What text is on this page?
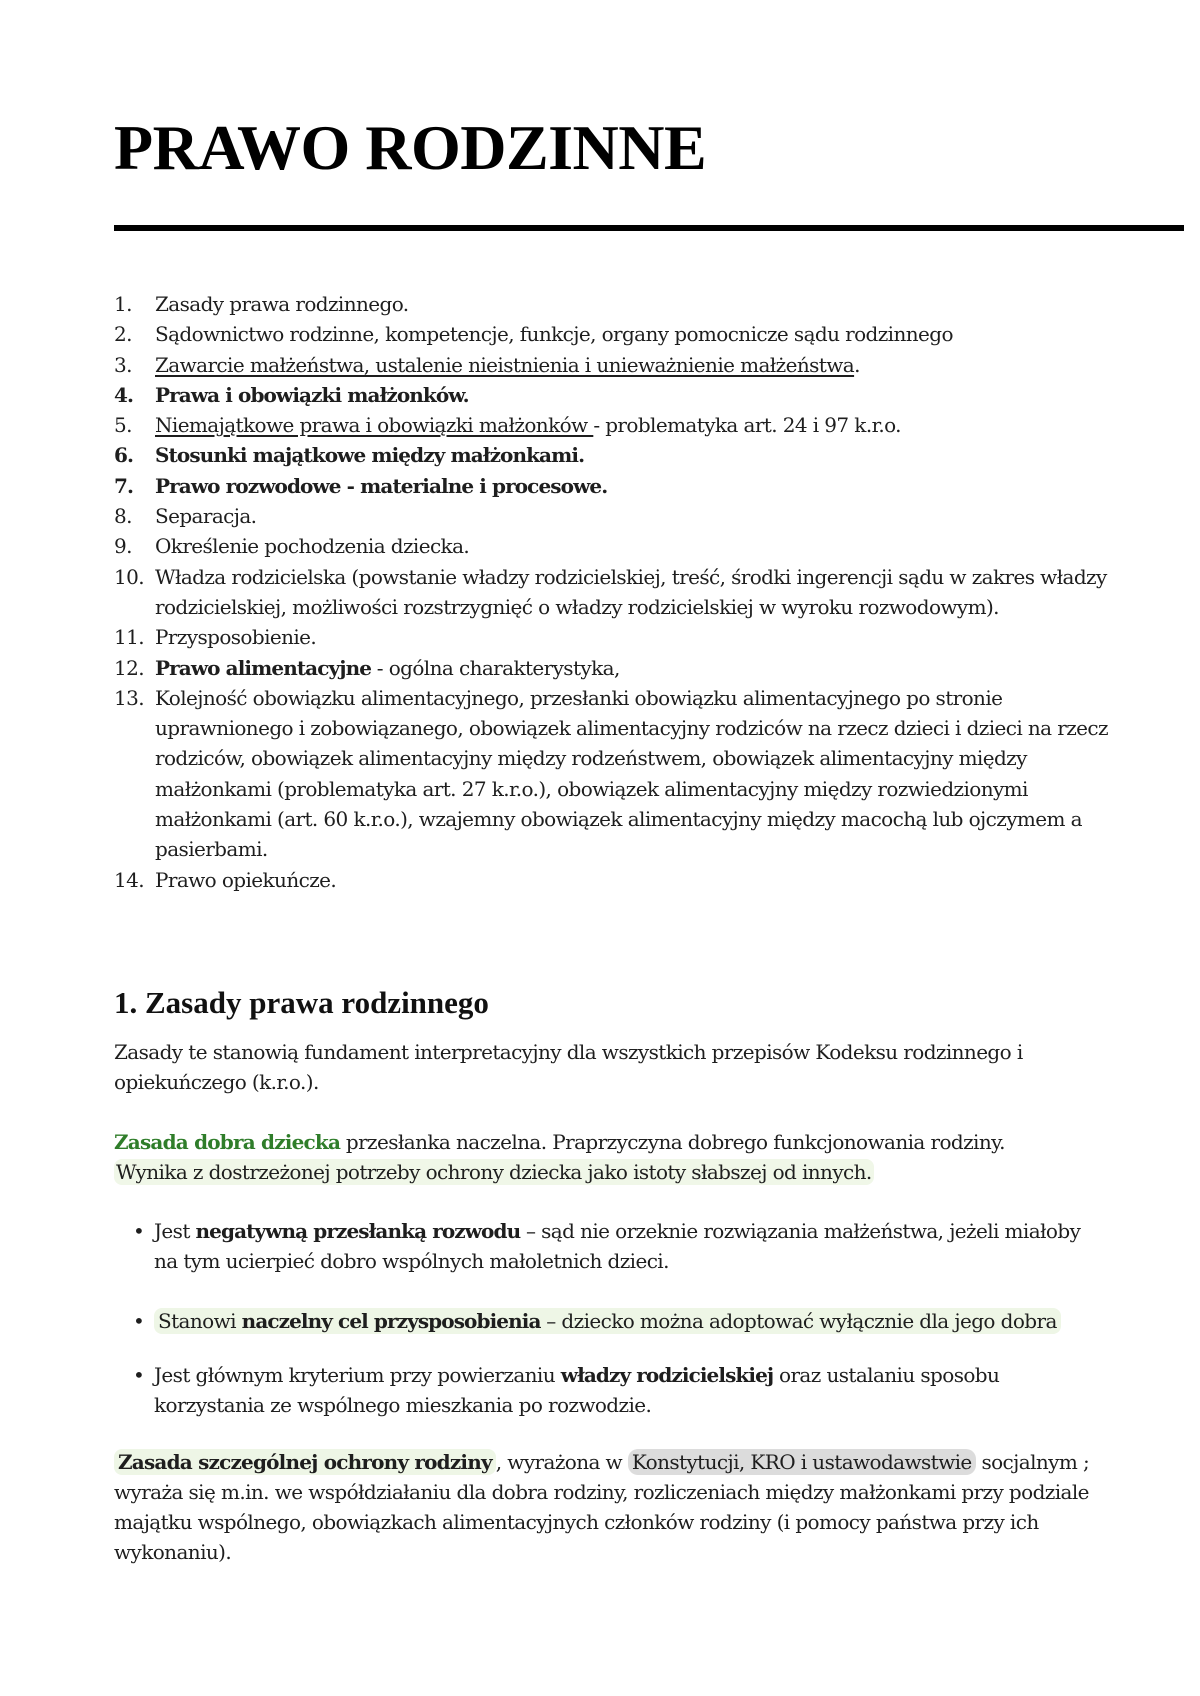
PRAWO RODZINNE
1.	Zasady prawa rodzinnego.
2.	Sądownictwo rodzinne, kompetencje, funkcje, organy pomocnicze sądu rodzinnego
3.	Zawarcie małżeństwa, ustalenie nieistnienia i unieważnienie małżeństwa.
4.	Prawa i obowiązki małżonków.
5.	Niemajątkowe prawa i obowiązki małżonków - problematyka art. 24 i 97 k.r.o.
6.	Stosunki majątkowe między małżonkami.
7.	Prawo rozwodowe - materialne i procesowe.
8.	Separacja.
9.	Określenie pochodzenia dziecka.
10. Władza rodzicielska (powstanie władzy rodzicielskiej, treść, środki ingerencji sądu w zakres władzy rodzicielskiej, możliwości rozstrzygnięć o władzy rodzicielskiej w wyroku rozwodowym).
11. Przysposobienie.
12. Prawo alimentacyjne - ogólna charakterystyka,
13. Kolejność obowiązku alimentacyjnego, przesłanki obowiązku alimentacyjnego po stronie uprawnionego i zobowiązanego, obowiązek alimentacyjny rodziców na rzecz dzieci i dzieci na rzecz rodziców, obowiązek alimentacyjny między rodzeństwem, obowiązek alimentacyjny między małżonkami (problematyka art. 27 k.r.o.), obowiązek alimentacyjny między rozwiedzionymi małżonkami (art. 60 k.r.o.), wzajemny obowiązek alimentacyjny między macochą lub ojczymem a pasierbami.
14. Prawo opiekuńcze.
1. Zasady prawa rodzinnego

Zasady te stanowią fundament interpretacyjny dla wszystkich przepisów Kodeksu rodzinnego i opiekuńczego (k.r.o.).

Zasada dobra dziecka przesłanka naczelna. Praprzyczyna dobrego funkcjonowania rodziny.
Wynika z dostrzeżonej potrzeby ochrony dziecka jako istoty słabszej od innych.

• Jest negatywną przesłanką rozwodu – sąd nie orzeknie rozwiązania małżeństwa, jeżeli miałoby na tym ucierpieć dobro wspólnych małoletnich dzieci.

• Stanowi naczelny cel przysposobienia – dziecko można adoptować wyłącznie dla jego dobra

• Jest głównym kryterium przy powierzaniu władzy rodzicielskiej oraz ustalaniu sposobu korzystania ze wspólnego mieszkania po rozwodzie.

Zasada szczególnej ochrony rodziny , wyrażona w Konstytucji, KRO i ustawodawstwie socjalnym ; wyraża się m.in. we współdziałaniu dla dobra rodziny, rozliczeniach między małżonkami przy podziale majątku wspólnego, obowiązkach alimentacyjnych członków rodziny (i pomocy państwa przy ich wykonaniu).
